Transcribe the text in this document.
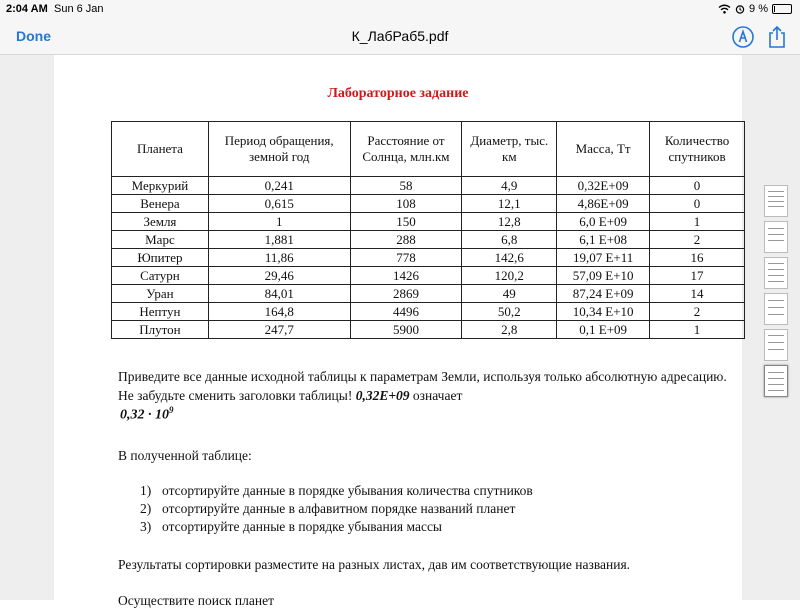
2:04 AM Sun 6 Jan	9 %
Done	К_ЛабРаб5.pdf
Лабораторное задание
Планета	Период обращения, земной год	Расстояние от Солнца, млн.км	Диаметр, тыс. км	Масса, Тт	Количество спутников
Меркурий	0,241	58	4,9	0,32Е+09	0
Венера	0,615	108	12,1	4,86Е+09	0
Земля	1	150	12,8	6,0 Е+09	1
Марс	1,881	288	6,8	6,1 Е+08	2
Юпитер	11,86	778	142,6	19,07 Е+11	16
Сатурн	29,46	1426	120,2	57,09 Е+10	17
Уран	84,01	2869	49	87,24 Е+09	14
Нептун	164,8	4496	50,2	10,34 Е+10	2
Плутон	247,7	5900	2,8	0,1 Е+09	1
Приведите все данные исходной таблицы к параметрам Земли, используя только абсолютную адресацию. Не забудьте сменить заголовки таблицы! 0,32Е+09 означает
$0,32 \cdot 10^9$
В полученной таблице:
1) отсортируйте данные в порядке убывания количества спутников
2) отсортируйте данные в алфавитном порядке названий планет
3) отсортируйте данные в порядке убывания массы
Результаты сортировки разместите на разных листах, дав им соответствующие названия.
Осуществите поиск планет
